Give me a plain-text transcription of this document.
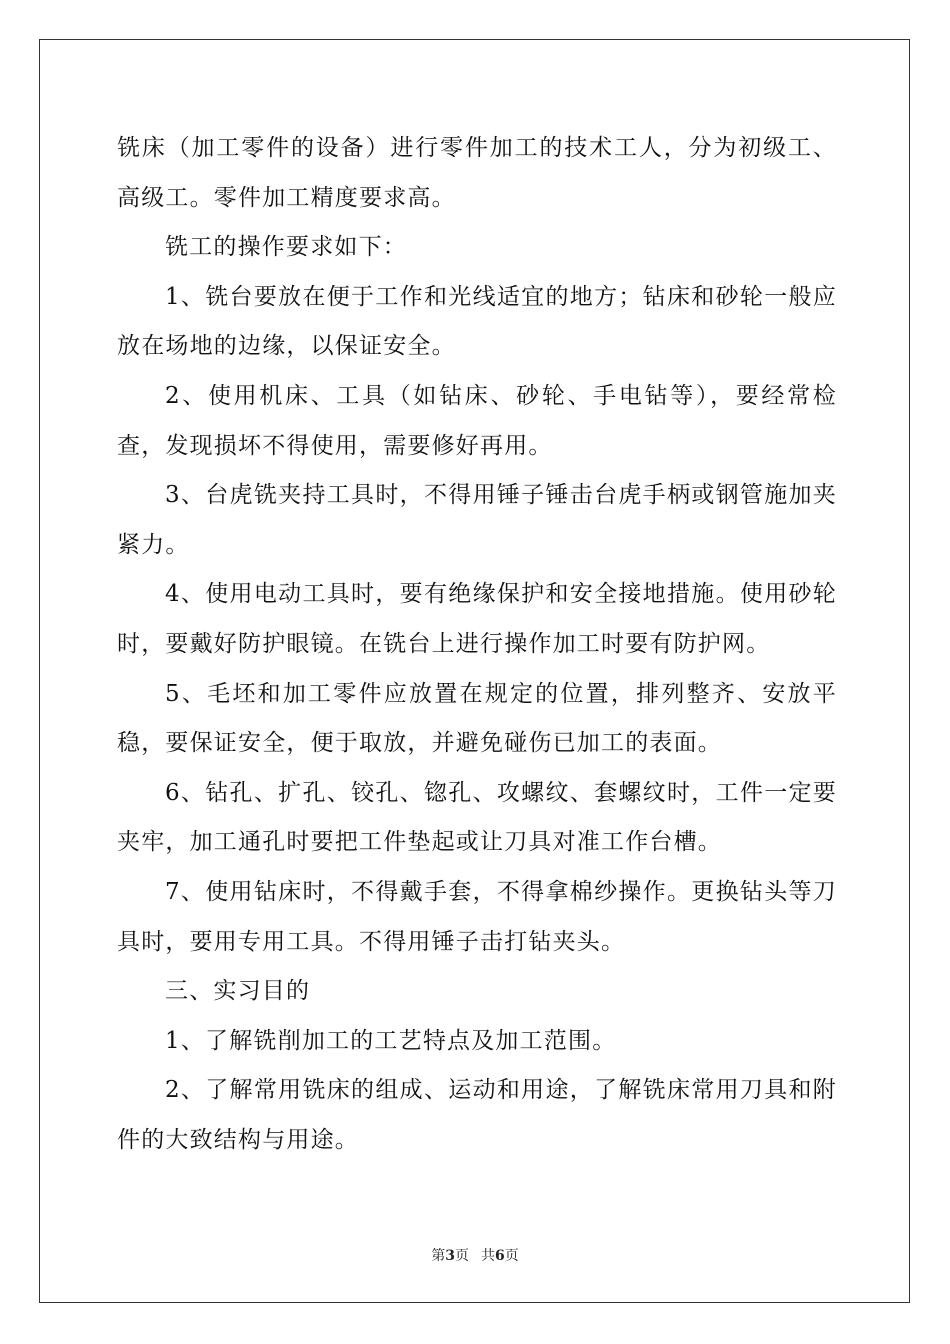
铣床（加工零件的设备）进行零件加工的技术工人，分为初级工、高级工。零件加工精度要求高。

铣工的操作要求如下：

1、铣台要放在便于工作和光线适宜的地方；钻床和砂轮一般应放在场地的边缘，以保证安全。

2、使用机床、工具（如钻床、砂轮、手电钻等），要经常检查，发现损坏不得使用，需要修好再用。

3、台虎铣夹持工具时，不得用锤子锤击台虎手柄或钢管施加夹紧力。

4、使用电动工具时，要有绝缘保护和安全接地措施。使用砂轮时，要戴好防护眼镜。在铣台上进行操作加工时要有防护网。

5、毛坯和加工零件应放置在规定的位置，排列整齐、安放平稳，要保证安全，便于取放，并避免碰伤已加工的表面。

6、钻孔、扩孔、铰孔、锪孔、攻螺纹、套螺纹时，工件一定要夹牢，加工通孔时要把工件垫起或让刀具对准工作台槽。

7、使用钻床时，不得戴手套，不得拿棉纱操作。更换钻头等刀具时，要用专用工具。不得用锤子击打钻夹头。

三、实习目的

1、了解铣削加工的工艺特点及加工范围。

2、了解常用铣床的组成、运动和用途，了解铣床常用刀具和附件的大致结构与用途。

第3页 共6页
